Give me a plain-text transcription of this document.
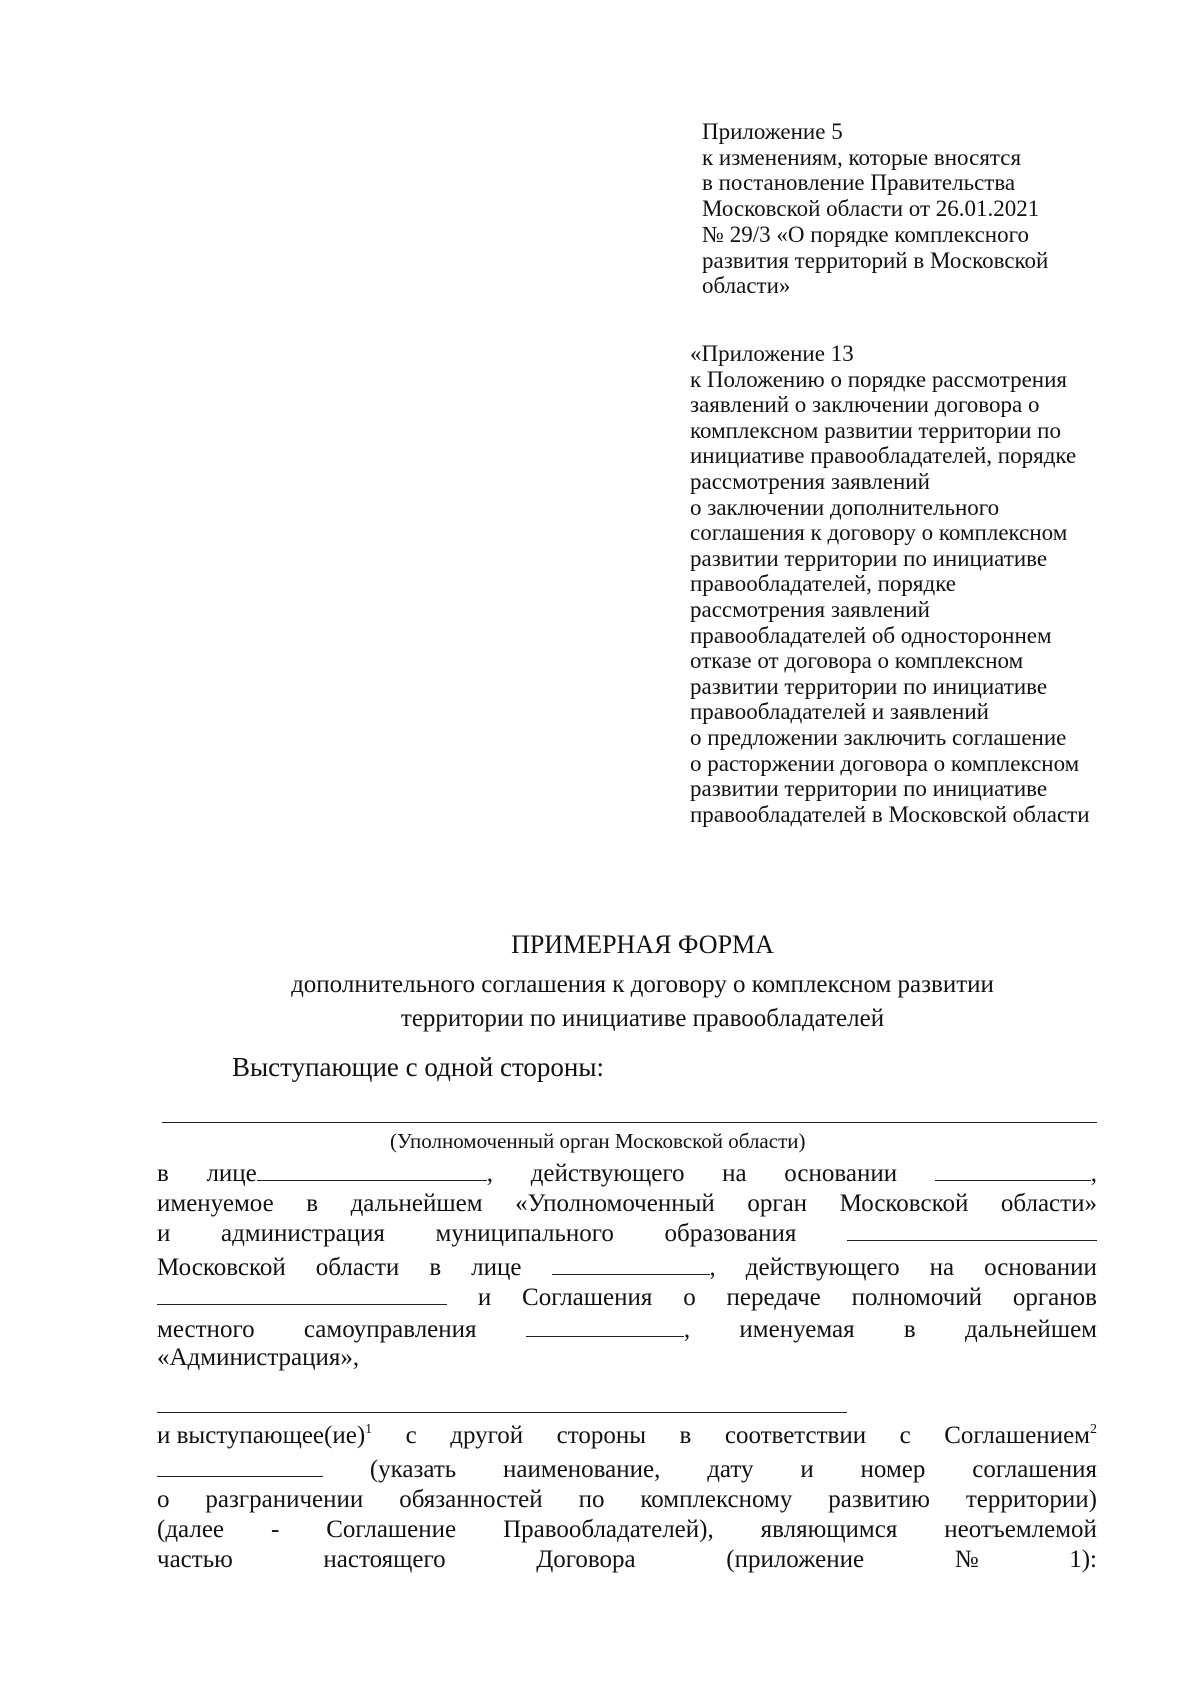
Приложение 5
к изменениям, которые вносятся
в постановление Правительства
Московской области от 26.01.2021
№ 29/3 «О порядке комплексного
развития территорий в Московской
области»
«Приложение 13
к Положению о порядке рассмотрения
заявлений о заключении договора о
комплексном развитии территории по
инициативе правообладателей, порядке
рассмотрения заявлений
о заключении дополнительного
соглашения к договору о комплексном
развитии территории по инициативе
правообладателей, порядке
рассмотрения заявлений
правообладателей об одностороннем
отказе от договора о комплексном
развитии территории по инициативе
правообладателей и заявлений
о предложении заключить соглашение
о расторжении договора о комплексном
развитии территории по инициативе
правообладателей в Московской области
ПРИМЕРНАЯ ФОРМА
дополнительного соглашения к договору о комплексном развитии
территории по инициативе правообладателей
Выступающие с одной стороны:
(Уполномоченный орган Московской области)
в лице	, действующего на основании	,
именуемое в дальнейшем «Уполномоченный орган Московской области»
и администрация муниципального образования
Московской области в лице	, действующего на основании
и Соглашения о передаче полномочий органов
местного самоуправления	, именуемая в дальнейшем
«Администрация»,
и выступающее(ие)$^1$ с другой стороны в соответствии с Соглашением$^2$
(указать наименование, дату и номер соглашения
о разграничении обязанностей по комплексному развитию территории)
(далее - Соглашение Правообладателей), являющимся неотъемлемой
частью	настоящего	Договора	(приложение	№	1):
